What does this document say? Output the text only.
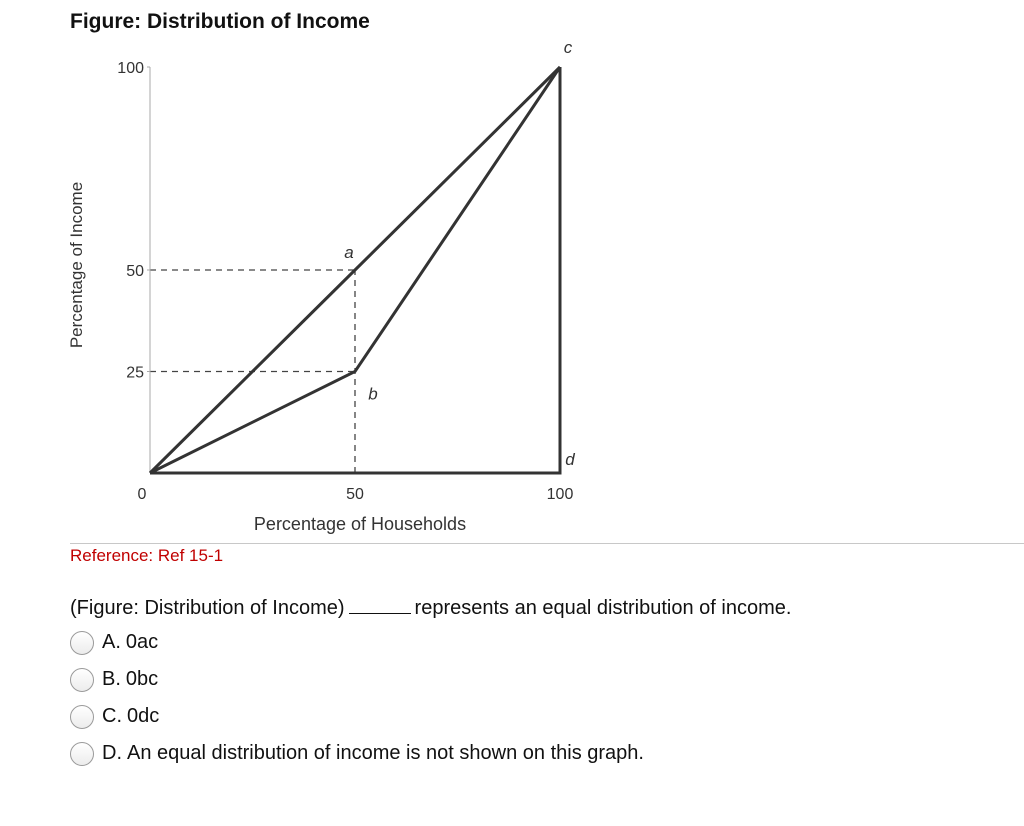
Figure: Distribution of Income
25
50
100
0	50	100
Percentage of Households
Percentage of Income	a
b
c
d
Reference: Ref 15-1
(Figure: Distribution of Income)	represents an equal distribution of income.
A. 0ac
B. 0bc
C. 0dc
D. An equal distribution of income is not shown on this graph.
